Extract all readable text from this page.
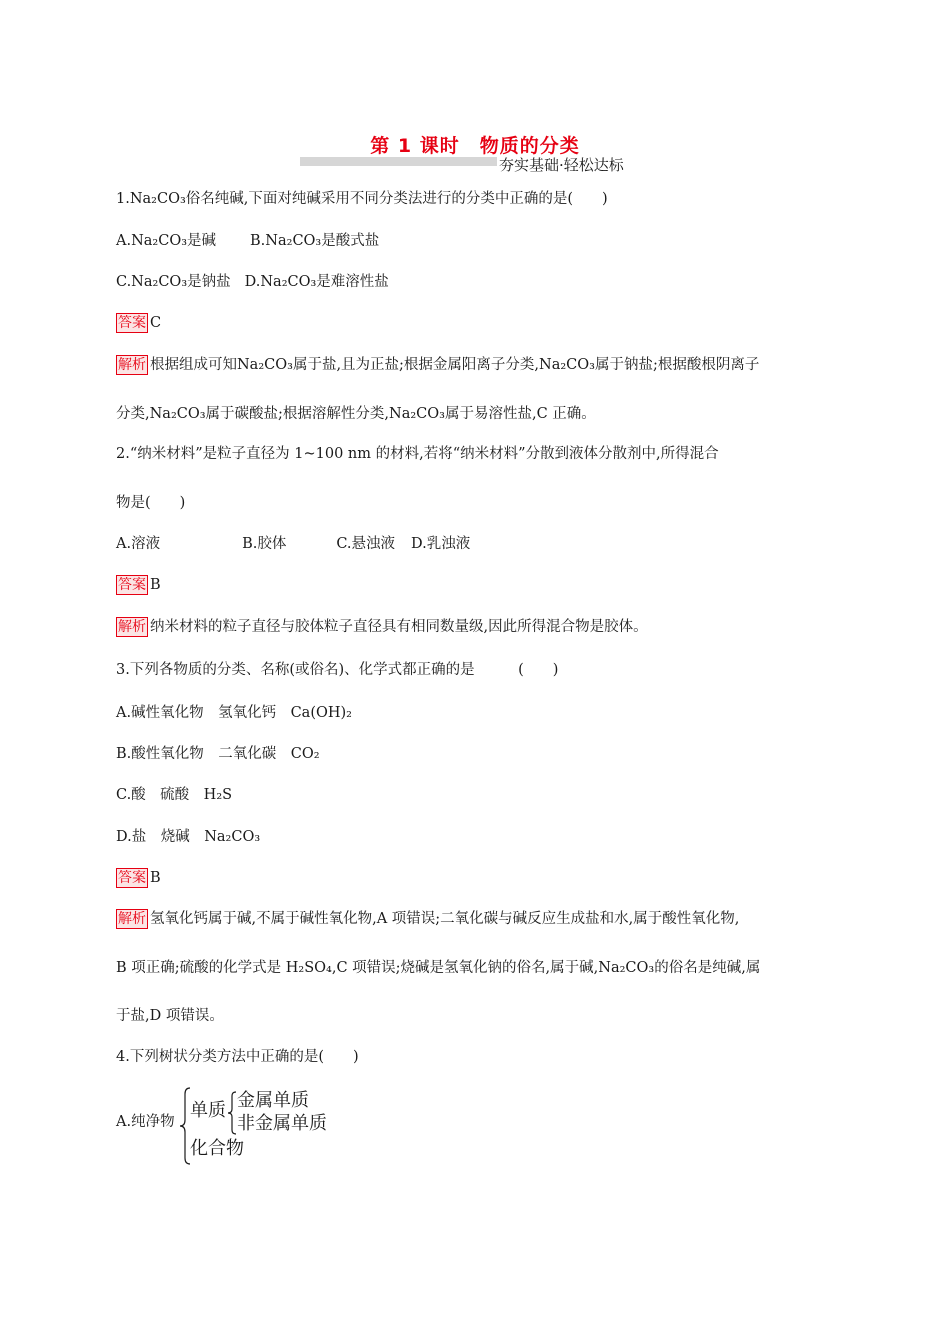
第 1 课时　物质的分类
夯实基础·轻松达标
1.Na₂CO₃俗名纯碱,下面对纯碱采用不同分类法进行的分类中正确的是(　　)
A.Na₂CO₃是碱 B.Na₂CO₃是酸式盐
C.Na₂CO₃是钠盐 D.Na₂CO₃是难溶性盐
答案 C
解析 根据组成可知Na₂CO₃属于盐,且为正盐;根据金属阳离子分类,Na₂CO₃属于钠盐;根据酸根阴离子
分类,Na₂CO₃属于碳酸盐;根据溶解性分类,Na₂CO₃属于易溶性盐,C 正确。
2.“纳米材料”是粒子直径为 1~100 nm 的材料,若将“纳米材料”分散到液体分散剂中,所得混合
物是(　　)
A.溶液	B.胶体	C.悬浊液 D.乳浊液
答案 B
解析 纳米材料的粒子直径与胶体粒子直径具有相同数量级,因此所得混合物是胶体。
3.下列各物质的分类、名称(或俗名)、化学式都正确的是　　　(　　)
A.碱性氧化物　氢氧化钙　Ca(OH)₂
B.酸性氧化物　二氧化碳　CO₂
C.酸　硫酸　H₂S
D.盐　烧碱　Na₂CO₃
答案 B
解析 氢氧化钙属于碱,不属于碱性氧化物,A 项错误;二氧化碳与碱反应生成盐和水,属于酸性氧化物,
B 项正确;硫酸的化学式是 H₂SO₄,C 项错误;烧碱是氢氧化钠的俗名,属于碱,Na₂CO₃的俗名是纯碱,属
于盐,D 项错误。
4.下列树状分类方法中正确的是(　　)
A.纯净物
单质 金属单质
非金属单质
化合物
